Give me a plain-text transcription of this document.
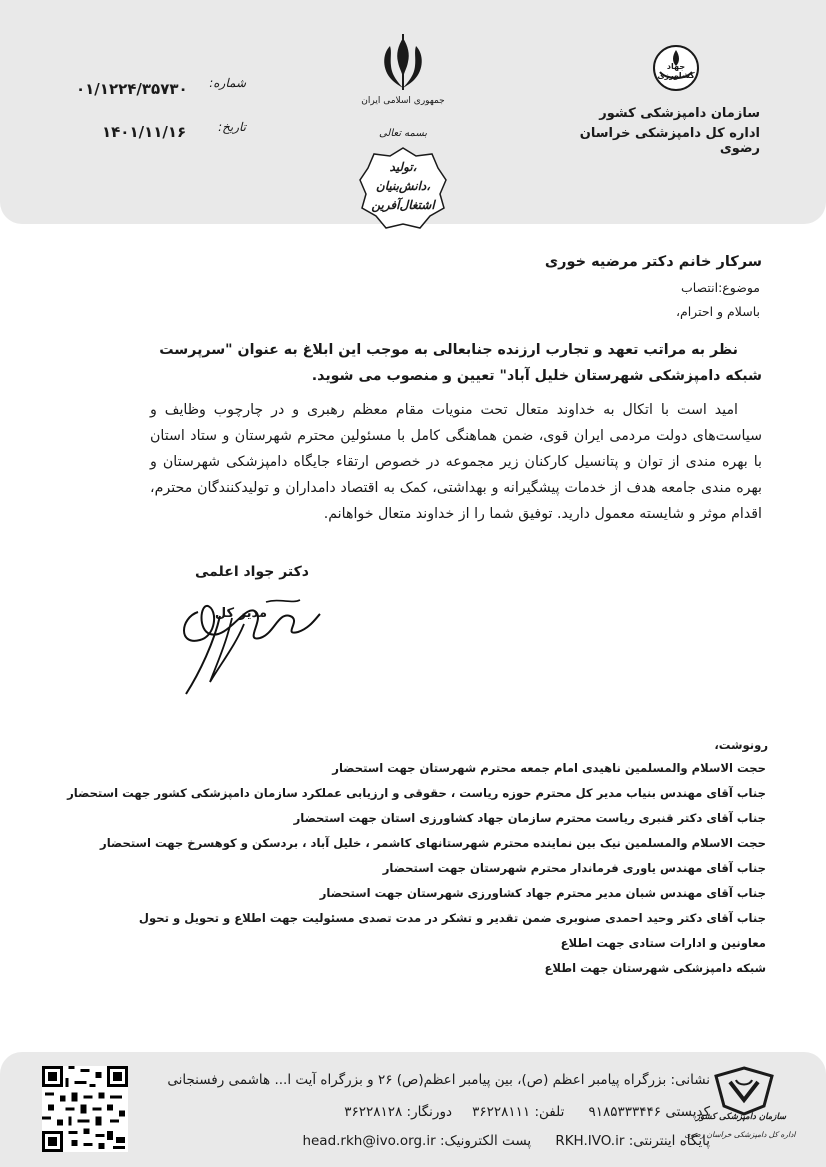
۰۱/۱۲۲۴/۳۵۷۳۰	شماره:
۱۴۰۱/۱۱/۱۶	تاریخ:
جمهوری اسلامی ایران
بسمه تعالی
تولید،
دانش‌بنیان،
اشتغال‌آفرین
جهاد کشاورزی
سازمان دامپزشکی کشور
اداره کل دامپزشکی خراسان رضوی
سرکار خانم دکتر مرضیه خوری
موضوع:انتصاب
باسلام و احترام،
نظر به مراتب تعهد و تجارب ارزنده جنابعالی به موجب این ابلاغ به عنوان "سرپرست شبکه دامپزشکی شهرستان خلیل آباد" تعیین و منصوب می شوید.
امید است با اتکال به خداوند متعال تحت منویات مقام معظم رهبری و در چارچوب وظایف و سیاست‌های دولت مردمی ایران قوی، ضمن هماهنگی کامل با مسئولین محترم شهرستان و ستاد استان با بهره مندی از توان و پتانسیل کارکنان زیر مجموعه در خصوص ارتقاء جایگاه دامپزشکی شهرستان و بهره مندی جامعه هدف از خدمات پیشگیرانه و بهداشتی، کمک به اقتصاد دامداران و تولیدکنندگان محترم، اقدام موثر و شایسته معمول دارید. توفیق شما را از خداوند متعال خواهانم.
دکتر جواد اعلمی
مدیر کل
رونوشت،
حجت الاسلام والمسلمین ناهیدی امام جمعه محترم شهرستان جهت استحضار
جناب آقای مهندس بنیاب مدیر کل محترم حوزه ریاست ، حقوقی و ارزیابی عملکرد سازمان دامپزشکی کشور جهت استحضار
جناب آقای دکتر قنبری ریاست محترم سازمان جهاد کشاورزی استان جهت استحضار
حجت الاسلام والمسلمین نیک بین نماینده محترم شهرستانهای کاشمر ، خلیل آباد ، بردسکن و کوهسرخ جهت استحضار
جناب آقای مهندس یاوری فرماندار محترم شهرستان جهت استحضار
جناب آقای مهندس شبان مدیر محترم جهاد کشاورزی شهرستان جهت استحضار
جناب آقای دکتر وحید احمدی صنوبری ضمن تقدیر و تشکر در مدت تصدی مسئولیت جهت اطلاع و تحویل و تحول
معاونین و ادارات ستادی جهت اطلاع
شبکه دامپزشکی شهرستان جهت اطلاع
نشانی: بزرگراه پیامبر اعظم (ص)، بین پیامبر اعظم(ص) ۲۶ و بزرگراه آیت ا... هاشمی رفسنجانی
کدپستی ۹۱۸۵۳۳۳۴۴۶  تلفن: ۳۶۲۲۸۱۱۱  دورنگار: ۳۶۲۲۸۱۲۸
پایگاه اینترنتی: RKH.IVO.ir  پست الکترونیک: head.rkh@ivo.org.ir
سازمان دامپزشکی کشور
اداره کل دامپزشکی خراسان رضوی
